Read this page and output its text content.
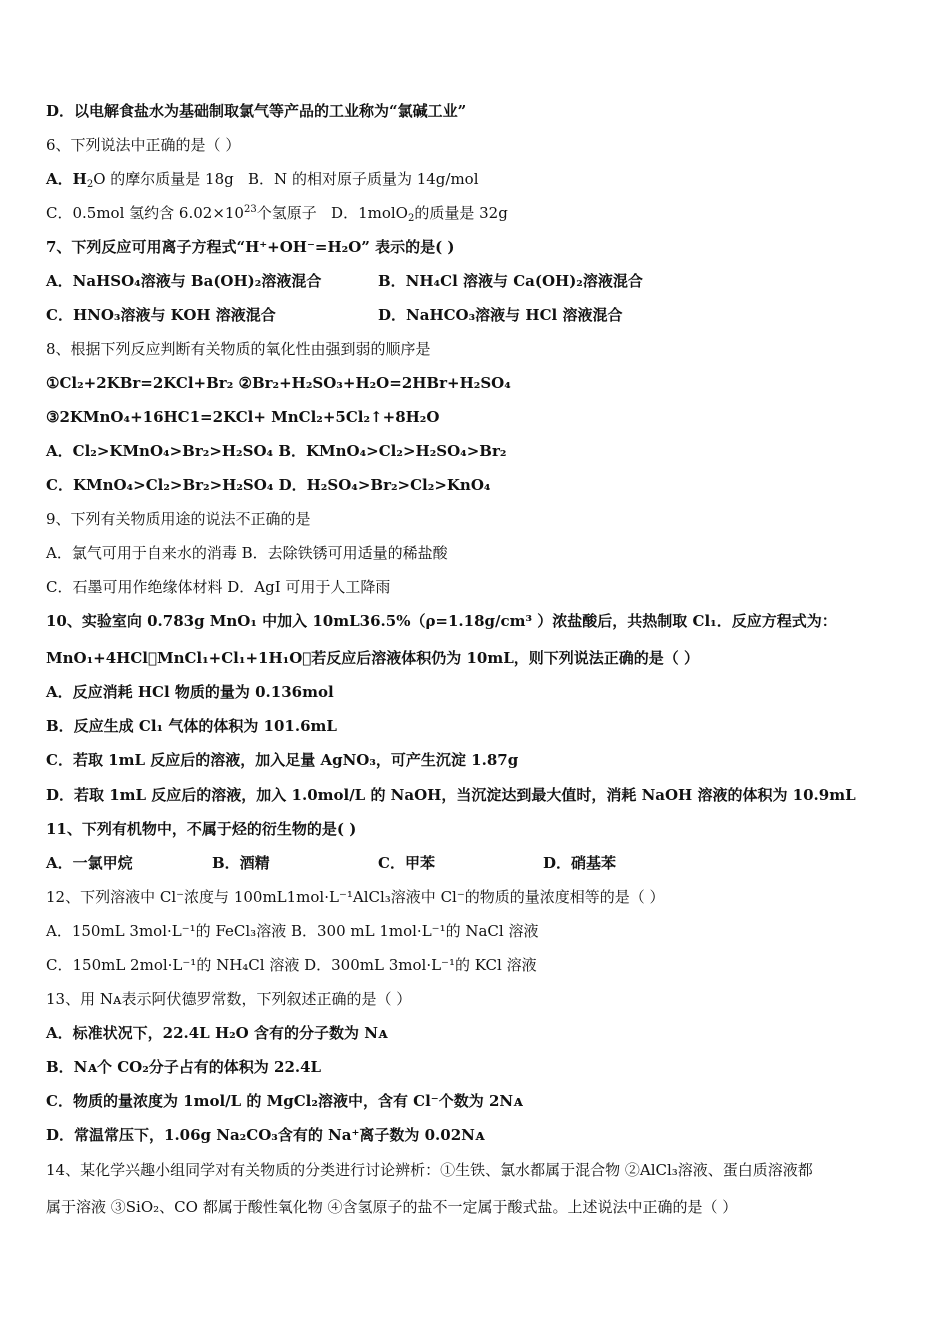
D．以电解食盐水为基础制取氯气等产品的工业称为“氯碱工业”
6、下列说法中正确的是（ ）
A．$H_2O$ 的摩尔质量是 18g B．N 的相对原子质量为 14g/mol
C．0.5mol 氢约含 $6.02\times 10^{23}$个氢原子 D．1molO$_2$的质量是 32g
7、下列反应可用离子方程式“H⁺+OH⁻=H₂O” 表示的是( )
A．NaHSO₄溶液与 Ba(OH)₂溶液混合	B．NH₄Cl 溶液与 Ca(OH)₂溶液混合
C．HNO₃溶液与 KOH 溶液混合	D．NaHCO₃溶液与 HCl 溶液混合
8、根据下列反应判断有关物质的氧化性由强到弱的顺序是
①Cl₂+2KBr=2KCl+Br₂ ②Br₂+H₂SO₃+H₂O=2HBr+H₂SO₄
③2KMnO₄+16HC1=2KCl+ MnCl₂+5Cl₂↑+8H₂O
A．Cl₂>KMnO₄>Br₂>H₂SO₄ B．KMnO₄>Cl₂>H₂SO₄>Br₂
C．KMnO₄>Cl₂>Br₂>H₂SO₄ D．H₂SO₄>Br₂>Cl₂>KnO₄
9、下列有关物质用途的说法不正确的是
A．氯气可用于自来水的消毒 B．去除铁锈可用适量的稀盐酸
C．石墨可用作绝缘体材料 D．AgI 可用于人工降雨
10、实验室向 0.783g MnO₁ 中加入 10mL36.5%（ρ=1.18g/cm³ ）浓盐酸后，共热制取 Cl₁．反应方程式为：
MnO₁+4HCl⃞MnCl₁+Cl₁+1H₁O，若反应后溶液体积仍为 10mL，则下列说法正确的是（ ）
A．反应消耗 HCl 物质的量为 0.136mol
B．反应生成 Cl₁ 气体的体积为 101.6mL
C．若取 1mL 反应后的溶液，加入足量 AgNO₃，可产生沉淀 1.87g
D．若取 1mL 反应后的溶液，加入 1.0mol/L 的 NaOH，当沉淀达到最大值时，消耗 NaOH 溶液的体积为 10.9mL
11、下列有机物中，不属于烃的衍生物的是( )
A．一氯甲烷	B．酒精	C．甲苯	D．硝基苯
12、下列溶液中 Cl⁻浓度与 100mL1mol·L⁻¹AlCl₃溶液中 Cl⁻的物质的量浓度相等的是（ ）
A．150mL 3mol·L⁻¹的 FeCl₃溶液 B．300 mL 1mol·L⁻¹的 NaCl 溶液
C．150mL 2mol·L⁻¹的 NH₄Cl 溶液 D．300mL 3mol·L⁻¹的 KCl 溶液
13、用 Nᴀ表示阿伏德罗常数，下列叙述正确的是（ ）
A．标准状况下，22.4L H₂O 含有的分子数为 Nᴀ
B．Nᴀ个 CO₂分子占有的体积为 22.4L
C．物质的量浓度为 1mol/L 的 MgCl₂溶液中，含有 Cl⁻个数为 2Nᴀ
D．常温常压下，1.06g Na₂CO₃含有的 Na⁺离子数为 0.02Nᴀ
14、某化学兴趣小组同学对有关物质的分类进行讨论辨析：①生铁、氯水都属于混合物 ②AlCl₃溶液、蛋白质溶液都
属于溶液 ③SiO₂、CO 都属于酸性氧化物 ④含氢原子的盐不一定属于酸式盐。上述说法中正确的是（ ）
